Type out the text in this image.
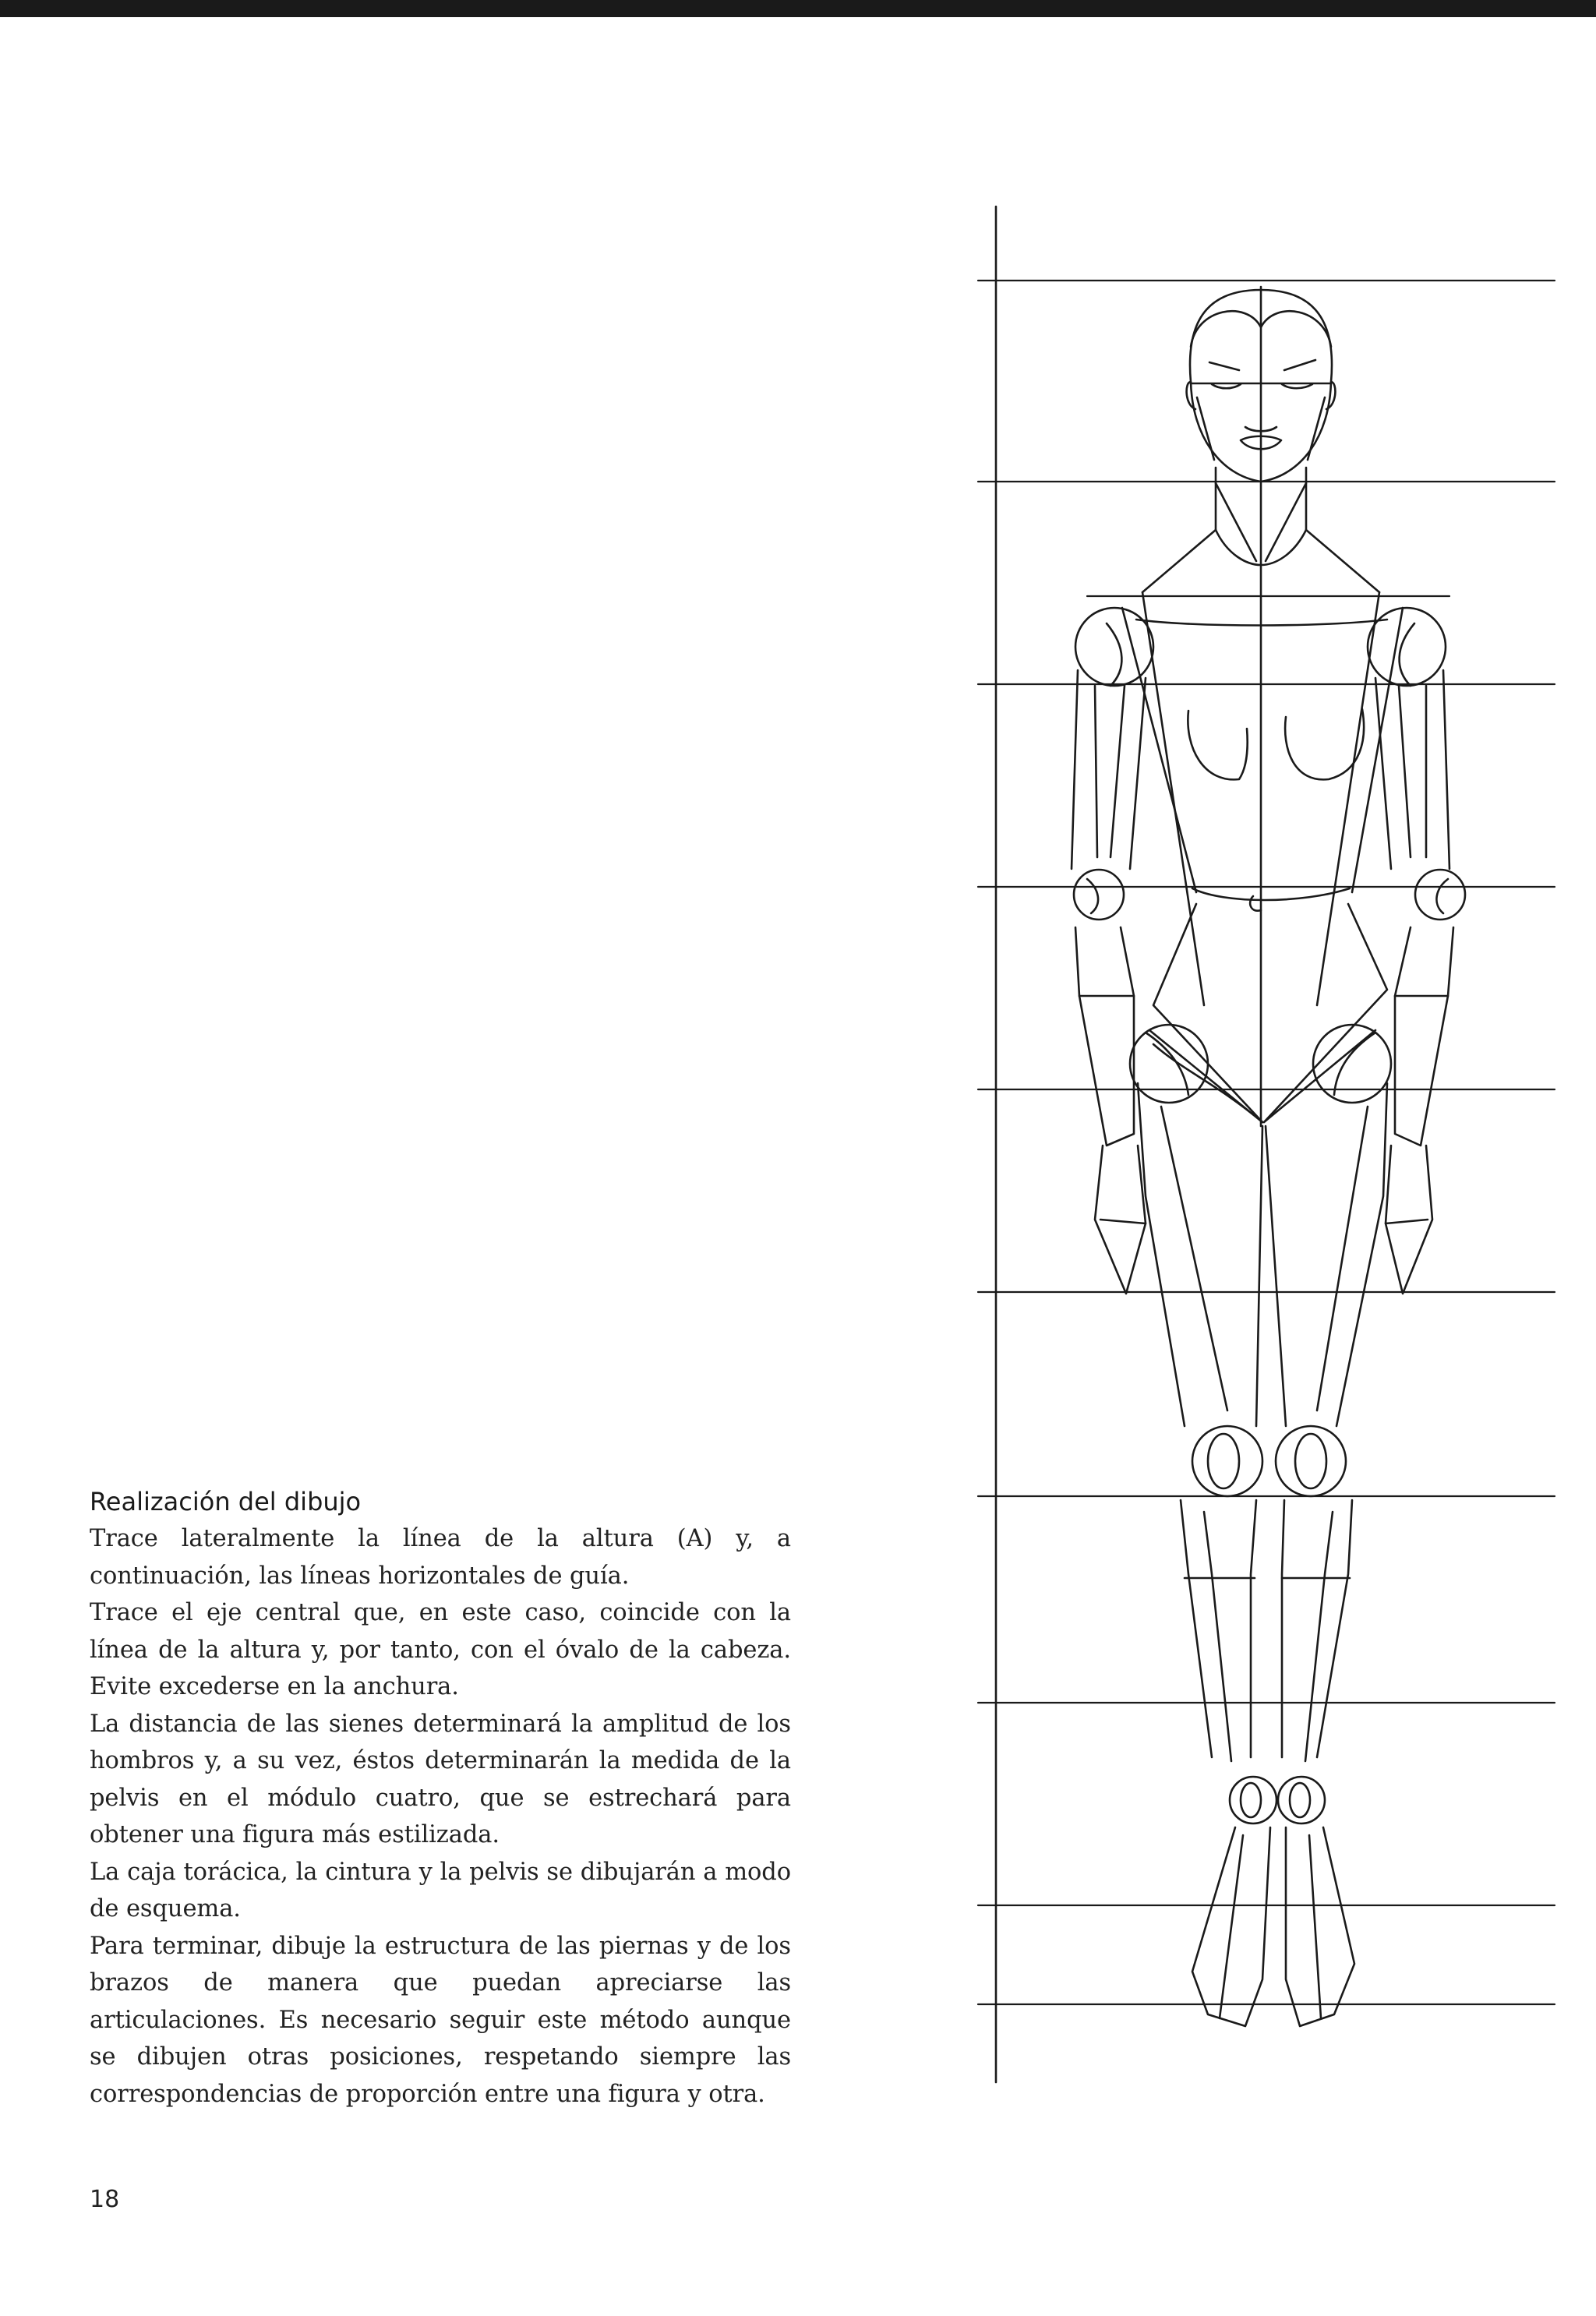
Realización del dibujo

Trace lateralmente la línea de la altura (A) y, a continuación, las líneas horizontales de guía.

Trace el eje central que, en este caso, coincide con la línea de la altura y, por tanto, con el óvalo de la cabeza. Evite excederse en la anchura.

La distancia de las sienes determinará la amplitud de los hombros y, a su vez, éstos determinarán la medida de la pelvis en el módulo cuatro, que se estrechará para obtener una figura más estilizada.

La caja torácica, la cintura y la pelvis se dibujarán a modo de esquema.

Para terminar, dibuje la estructura de las piernas y de los brazos de manera que puedan apreciarse las articulaciones. Es necesario seguir este método aunque se dibujen otras posiciones, respetando siempre las correspondencias de proporción entre una figura y otra.

18
